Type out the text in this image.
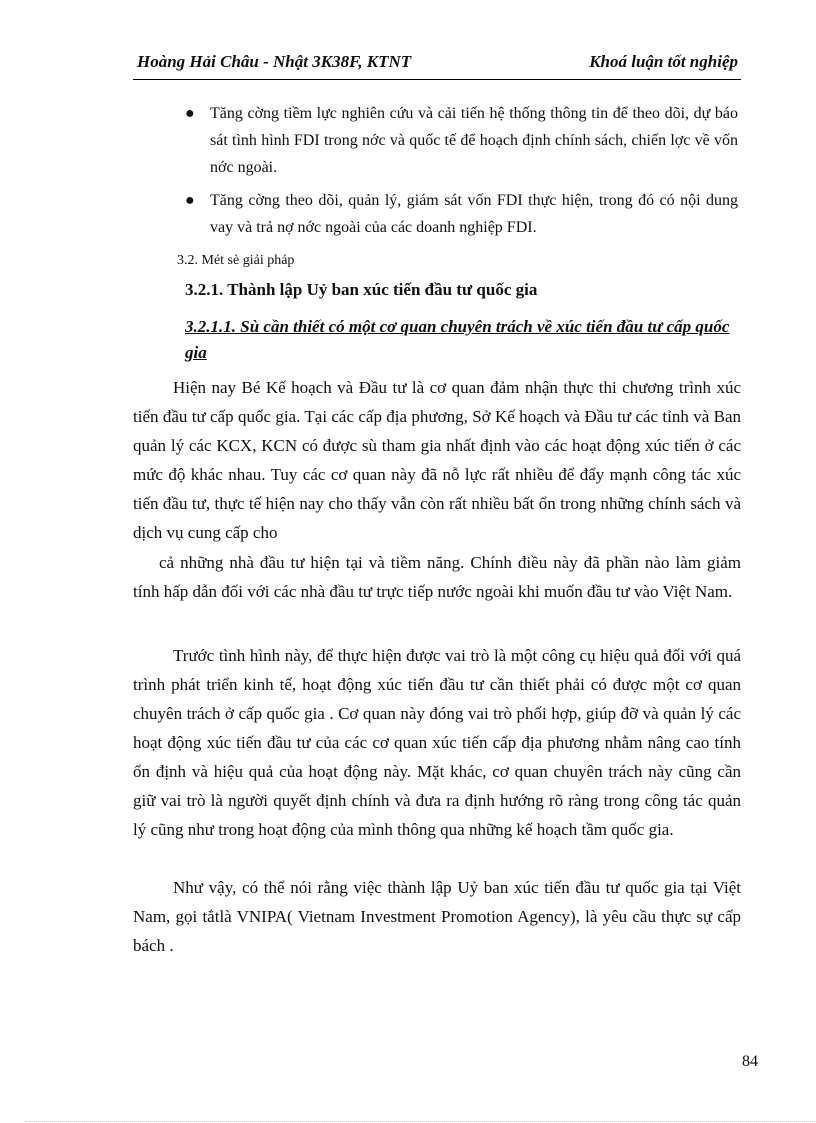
Hoàng Hải Châu - Nhật 3K38F, KTNT	Khoá luận tốt nghiệp
● Tăng cờng tiềm lực nghiên cứu và cải tiến hệ thống thông tin để theo dõi, dự báo sát tình hình FDI trong nớc và quốc tế để hoạch định chính sách, chiến lợc về vốn nớc ngoài.
● Tăng cờng theo dõi, quản lý, giám sát vốn FDI thực hiện, trong đó có nội dung vay và trả nợ nớc ngoài của các doanh nghiệp FDI.
3.2. Mét sè giải pháp
3.2.1. Thành lập Uỷ ban xúc tiến đầu tư quốc gia
3.2.1.1. Sù cần thiết có một cơ quan chuyên trách về xúc tiến đầu tư cấp quốc gia

Hiện nay Bé Kế hoạch và Đầu tư là cơ quan đảm nhận thực thi chương trình xúc tiến đầu tư cấp quốc gia. Tại các cấp địa phương, Sở Kế hoạch và Đầu tư các tỉnh và Ban quản lý các KCX, KCN có được sù tham gia nhất định vào các hoạt động xúc tiến ở các mức độ khác nhau. Tuy các cơ quan này đã nỗ lực rất nhiều để đẩy mạnh công tác xúc tiến đầu tư, thực tế hiện nay cho thấy vẫn còn rất nhiều bất ổn trong những chính sách và dịch vụ cung cấp cho

cả những nhà đầu tư hiện tại và tiềm năng. Chính điều này đã phần nào làm giảm tính hấp dẫn đối với các nhà đầu tư trực tiếp nước ngoài khi muốn đầu tư vào Việt Nam.

Trước tình hình này, để thực hiện được vai trò là một công cụ hiệu quả đối với quá trình phát triển kinh tế, hoạt động xúc tiến đầu tư cần thiết phải có được một cơ quan chuyên trách ở cấp quốc gia . Cơ quan này đóng vai trò phối hợp, giúp đỡ và quản lý các hoạt động xúc tiến đầu tư của các cơ quan xúc tiến cấp địa phương nhằm nâng cao tính ổn định và hiệu quả của hoạt động này. Mặt khác, cơ quan chuyên trách này cũng cần giữ vai trò là người quyết định chính và đưa ra định hướng rõ ràng trong công tác quản lý cũng như trong hoạt động của mình thông qua những kế hoạch tầm quốc gia.

Như vậy, có thể nói rằng việc thành lập Uỷ ban xúc tiến đầu tư quốc gia tại Việt Nam, gọi tắtlà VNIPA( Vietnam Investment Promotion Agency), là yêu cầu thực sự cấp bách .

84
